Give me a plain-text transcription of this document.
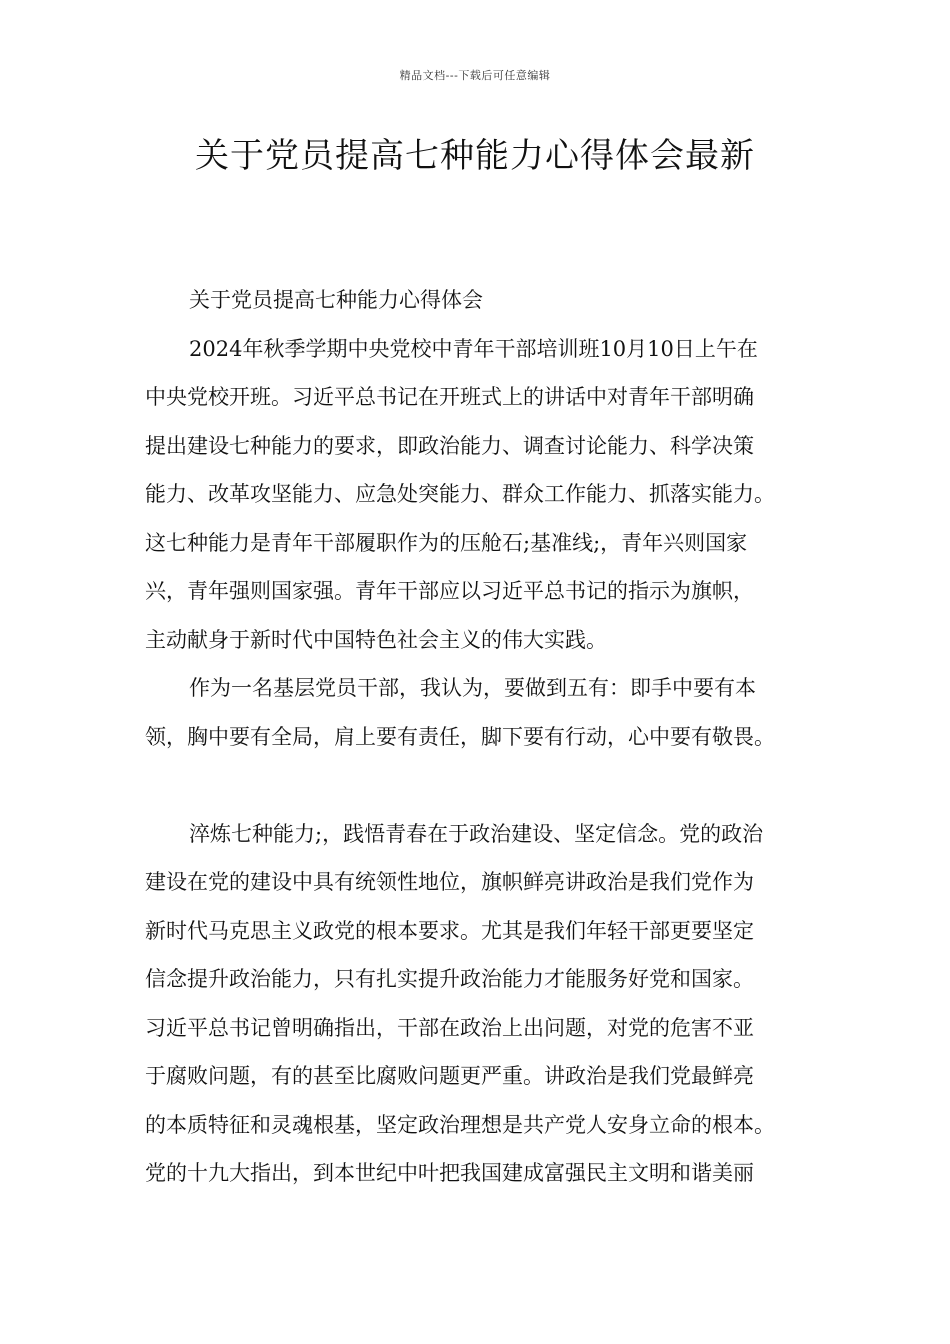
精品文档---下载后可任意编辑
关于党员提高七种能力心得体会最新
关于党员提高七种能力心得体会
2024年秋季学期中央党校中青年干部培训班10月10日上午在
中央党校开班。习近平总书记在开班式上的讲话中对青年干部明确
提出建设七种能力的要求，即政治能力、调查讨论能力、科学决策
能力、改革攻坚能力、应急处突能力、群众工作能力、抓落实能力。
这七种能力是青年干部履职作为的压舱石;基准线;，青年兴则国家
兴，青年强则国家强。青年干部应以习近平总书记的指示为旗帜，
主动献身于新时代中国特色社会主义的伟大实践。
作为一名基层党员干部，我认为，要做到五有：即手中要有本
领，胸中要有全局，肩上要有责任，脚下要有行动，心中要有敬畏。
淬炼七种能力;，践悟青春在于政治建设、坚定信念。党的政治
建设在党的建设中具有统领性地位，旗帜鲜亮讲政治是我们党作为
新时代马克思主义政党的根本要求。尤其是我们年轻干部更要坚定
信念提升政治能力，只有扎实提升政治能力才能服务好党和国家。
习近平总书记曾明确指出，干部在政治上出问题，对党的危害不亚
于腐败问题，有的甚至比腐败问题更严重。讲政治是我们党最鲜亮
的本质特征和灵魂根基，坚定政治理想是共产党人安身立命的根本。
党的十九大指出，到本世纪中叶把我国建成富强民主文明和谐美丽
